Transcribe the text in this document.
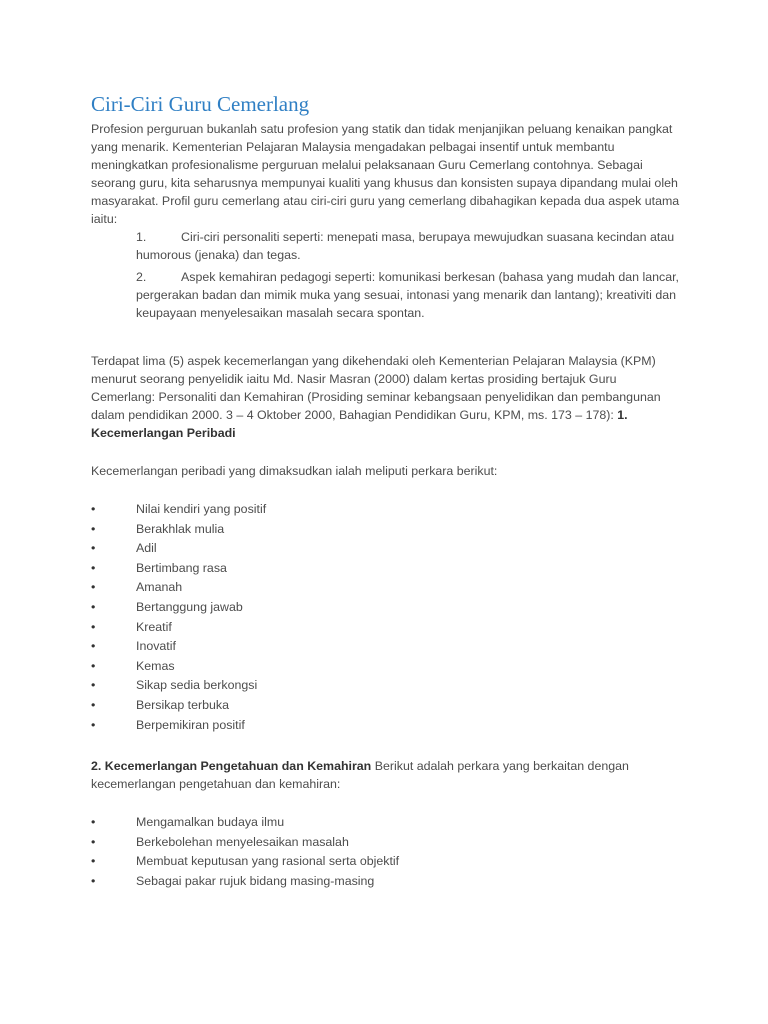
Ciri-Ciri Guru Cemerlang

Profesion perguruan bukanlah satu profesion yang statik dan tidak menjanjikan peluang kenaikan pangkat yang menarik. Kementerian Pelajaran Malaysia mengadakan pelbagai insentif untuk membantu meningkatkan profesionalisme perguruan melalui pelaksanaan Guru Cemerlang contohnya. Sebagai seorang guru, kita seharusnya mempunyai kualiti yang khusus dan konsisten supaya dipandang mulai oleh masyarakat. Profil guru cemerlang atau ciri-ciri guru yang cemerlang dibahagikan kepada dua aspek utama iaitu:

1.	Ciri-ciri personaliti seperti: menepati masa, berupaya mewujudkan suasana kecindan atau humorous (jenaka) dan tegas.
2.	Aspek kemahiran pedagogi seperti: komunikasi berkesan (bahasa yang mudah dan lancar, pergerakan badan dan mimik muka yang sesuai, intonasi yang menarik dan lantang); kreativiti dan keupayaan menyelesaikan masalah secara spontan.

Terdapat lima (5) aspek kecemerlangan yang dikehendaki oleh Kementerian Pelajaran Malaysia (KPM) menurut seorang penyelidik iaitu Md. Nasir Masran (2000) dalam kertas prosiding bertajuk Guru Cemerlang: Personaliti dan Kemahiran (Prosiding seminar kebangsaan penyelidikan dan pembangunan dalam pendidikan 2000. 3 – 4 Oktober 2000, Bahagian Pendidikan Guru, KPM, ms. 173 – 178): 1. Kecemerlangan Peribadi

Kecemerlangan peribadi yang dimaksudkan ialah meliputi perkara berikut:

•	Nilai kendiri yang positif
•	Berakhlak mulia
•	Adil
•	Bertimbang rasa
•	Amanah
•	Bertanggung jawab
•	Kreatif
•	Inovatif
•	Kemas
•	Sikap sedia berkongsi
•	Bersikap terbuka
•	Berpemikiran positif

2. Kecemerlangan Pengetahuan dan Kemahiran Berikut adalah perkara yang berkaitan dengan kecemerlangan pengetahuan dan kemahiran:

•	Mengamalkan budaya ilmu
•	Berkebolehan menyelesaikan masalah
•	Membuat keputusan yang rasional serta objektif
•	Sebagai pakar rujuk bidang masing-masing
